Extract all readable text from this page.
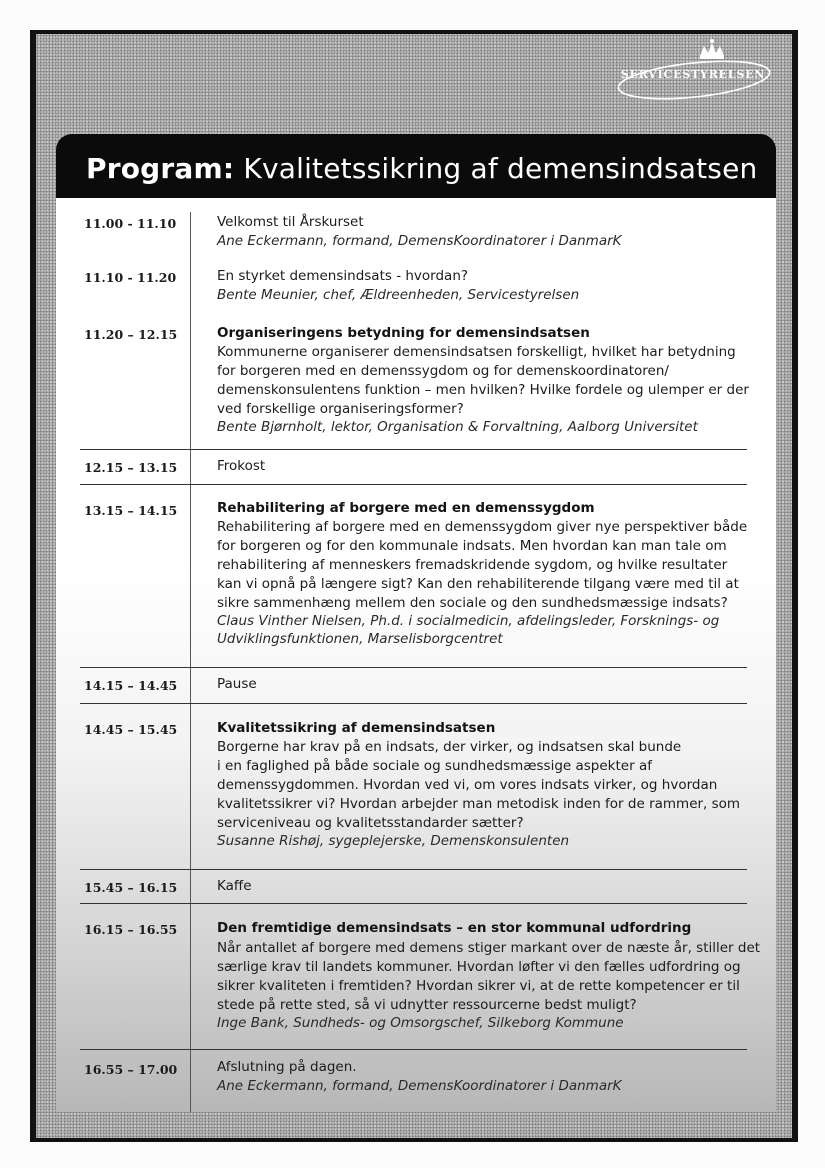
SERVICESTYRELSEN
Program: Kvalitetssikring af demensindsatsen
11.00 - 11.10	Velkomst til Årskurset
Ane Eckermann, formand, DemensKoordinatorer i DanmarK
11.10 - 11.20	En styrket demensindsats - hvordan?
Bente Meunier, chef, Ældreenheden, Servicestyrelsen
11.20 – 12.15	Organiseringens betydning for demensindsatsen
Kommunerne organiserer demensindsatsen forskelligt, hvilket har betydning
for borgeren med en demenssygdom og for demenskoordinatoren/
demenskonsulentens funktion – men hvilken? Hvilke fordele og ulemper er der
ved forskellige organiseringsformer?
Bente Bjørnholt, lektor, Organisation & Forvaltning, Aalborg Universitet
12.15 – 13.15	Frokost
13.15 – 14.15	Rehabilitering af borgere med en demenssygdom
Rehabilitering af borgere med en demenssygdom giver nye perspektiver både
for borgeren og for den kommunale indsats. Men hvordan kan man tale om
rehabilitering af menneskers fremadskridende sygdom, og hvilke resultater
kan vi opnå på længere sigt? Kan den rehabiliterende tilgang være med til at
sikre sammenhæng mellem den sociale og den sundhedsmæssige indsats?
Claus Vinther Nielsen, Ph.d. i socialmedicin, afdelingsleder, Forsknings- og
Udviklingsfunktionen, Marselisborgcentret
14.15 – 14.45	Pause
14.45 – 15.45	Kvalitetssikring af demensindsatsen
Borgerne har krav på en indsats, der virker, og indsatsen skal bunde
i en faglighed på både sociale og sundhedsmæssige aspekter af
demenssygdommen. Hvordan ved vi, om vores indsats virker, og hvordan
kvalitetssikrer vi? Hvordan arbejder man metodisk inden for de rammer, som
serviceniveau og kvalitetsstandarder sætter?
Susanne Rishøj, sygeplejerske, Demenskonsulenten
15.45 – 16.15	Kaffe
16.15 – 16.55	Den fremtidige demensindsats – en stor kommunal udfordring
Når antallet af borgere med demens stiger markant over de næste år, stiller det
særlige krav til landets kommuner. Hvordan løfter vi den fælles udfordring og
sikrer kvaliteten i fremtiden? Hvordan sikrer vi, at de rette kompetencer er til
stede på rette sted, så vi udnytter ressourcerne bedst muligt?
Inge Bank, Sundheds- og Omsorgschef, Silkeborg Kommune
16.55 – 17.00	Afslutning på dagen.
Ane Eckermann, formand, DemensKoordinatorer i DanmarK
